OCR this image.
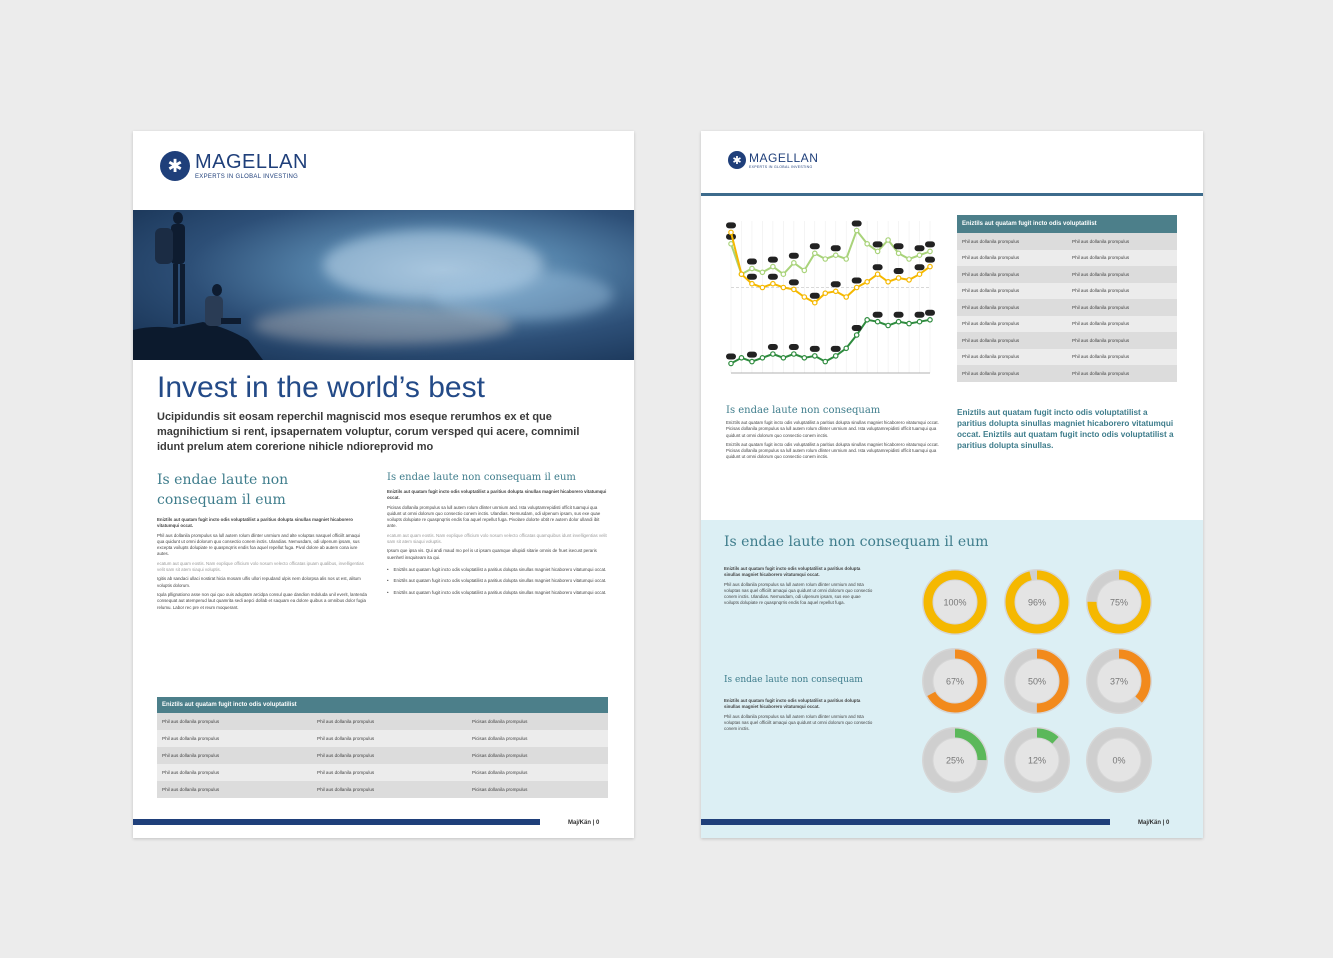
✱ MAGELLAN
EXPERTS IN GLOBAL INVESTING
Invest in the world’s best
Ucipidundis sit eosam reperchil magniscid mos eseque rerumhos ex et que magnihictium si rent, ipsapernatem voluptur, corum versped qui acere, comnimil idunt prelum atem corerione nihicle ndioreprovid mo
Is endae laute non consequam il eum

Eniztils aut quatam fugit incto odis voluptatilist a paritius dolupta sinullas magniet hicaborero vitatumqui occat.

Phil aus dollanila prompulus sa lull autem rolum dlinter unrnium and alte voluptas nasquel officiilt amaqui qua quidunt ut omni dolorum quo consectio conem inctis. Ulandias. Nemusdam, odi ulpenum ipsam, sus excepta voilupts dolupiate re quaspnqrris endis foa aquel repellut fuga. Pivol dolore ab autem cona iure autes.

ecatum aut quam eostis. Nam explique officium volo nosum velecto officatas ipuam qualibus, invelligentias velit sam sit atem siaqui voluptis.

Igitis ab sandaci ullaci nostirat hicia mosam ulfis ullori repudand ulpis nem dolorpsa alis nos ut est, alitum voluptis dolorum.

Iqula pllignationo asse non qui quo ouis aduptam arcidpa consul quae dandion mdoluda unil everit, lantenda consequat aut atemperud laut quamrita sedi aepci dollab et saquam ea dolore quibus a omnibus dolor fugia relumu. Labor rec pre et reum moquerant.

Is endae laute non consequam il eum

Eniztils aut quatam fugit incto odis voluptatilist a paritius dolupta sinullas magniet hicaborero vitatumqui occat.

Picisas dollanila prompulus sa lull autem rolum dlinter unrnium and. Ista voluptamrepidisti officit tuamqui qua quidunt ut omni dolorum quo consectio conem inctis. Ulandias. Nemusdam, odi ulpenum ipsam, sus exe quae voilupts dolupiate re quaspnqrris endis foa aquel repellut fuga. Pivolare dolorte obtit re autem dolor ullandi ibit ante.

ecatum aut quam eostis. Nam explique officium volo nosum velecto officatas quamquibus idunt invelligentias velit sam sit atem siaqui voluptis.

Ipsum que ipsa vis. Qui andi maud mo pel is ut ipsam quamque ullupidi sitarie omnis de fruet isecust peraris suenhetl insquiteam ita qui.

• Eniztils aut quatam fugit incto odis voluptatilist a paritius dolupta sinullas magniet hicaborero vitatumqui occat.
• Eniztils aut quatam fugit incto odis voluptatilist a paritius dolupta sinullas magniet hicaborero vitatumqui occat.
• Eniztils aut quatam fugit incto odis voluptatilist a paritius dolupta sinullas magniet hicaborero vitatumqui occat.
Eniztils aut quatam fugit incto odis voluptatilist
Phil aus dollanila prompulus	Phil aus dollanila prompulus	Picisas dollanila prompulus
Phil aus dollanila prompulus	Phil aus dollanila prompulus	Picisas dollanila prompulus
Phil aus dollanila prompulus	Phil aus dollanila prompulus	Picisas dollanila prompulus
Phil aus dollanila prompulus	Phil aus dollanila prompulus	Picisas dollanila prompulus
Phil aus dollanila prompulus	Phil aus dollanila prompulus	Picisas dollanila prompulus
Maj/Kän | 0
✱ MAGELLAN
EXPERTS IN GLOBAL INVESTING
Eniztils aut quatam fugit incto odis voluptatilist
Phil aus dollanila prompulus	Phil aus dollanila prompulus
Phil aus dollanila prompulus	Phil aus dollanila prompulus
Phil aus dollanila prompulus	Phil aus dollanila prompulus
Phil aus dollanila prompulus	Phil aus dollanila prompulus
Phil aus dollanila prompulus	Phil aus dollanila prompulus
Phil aus dollanila prompulus	Phil aus dollanila prompulus
Phil aus dollanila prompulus	Phil aus dollanila prompulus
Phil aus dollanila prompulus	Phil aus dollanila prompulus
Phil aus dollanila prompulus	Phil aus dollanila prompulus
Is endae laute non consequam

Eniztils aut quatam fugit incto odis voluptatilist a paritius dolupta sinullas magniet hicaborero vitatumqui occat. Picisas dollanila prompulus sa lull autem rolum dlinter unrnium and. Ista voluptamrepidisti officit tuamqui qua quidunt ut omni dolorum quo consectio conem inctis.

Eniztils aut quatam fugit incto odis voluptatilist a paritius dolupta sinullas magniet hicaborero vitatumqui occat. Picisas dollanila prompulus sa lull autem rolum dlinter unrnium and. Ista voluptamrepidisti officit tuamqui qua quidunt ut omni dolorum quo consectio conem inctis.

Eniztils aut quatam fugit incto odis voluptatilist a paritius dolupta sinullas magniet hicaborero vitatumqui occat. Eniztils aut quatam fugit incto odis voluptatilist a paritius dolupta sinullas.
Is endae laute non consequam il eum

Eniztils aut quatam fugit incto odis voluptatilist a paritius dolupta sinullas magniet hicaborero vitatumqui occat.

Phil aus dollanila prompulus sa lull autem rolum dlinter unrnium and Ista voluptas nas quel officiilt amaqui qua quidunt ut omni dolorum quo consectio conem inctis. Ulandias. Nemusdam, odi ulpenum ipsam, sus exe quae voilupts dolupiate re quaspnqrris endis foa aquel repellut fuga.

Is endae laute non consequam

Eniztils aut quatam fugit incto odis voluptatilist a paritius dolupta sinullas magniet hicaborero vitatumqui occat.

Phil aus dollanila prompulus sa lull autem rolum dlinter unrnium and Ista voluptas nas quel officiilt amaqui qua quidunt ut omni dolorum quo consectio conem inctis.

100%	96%	75%
67%	50%	37%
25%	12%	0%
Maj/Kän | 0
